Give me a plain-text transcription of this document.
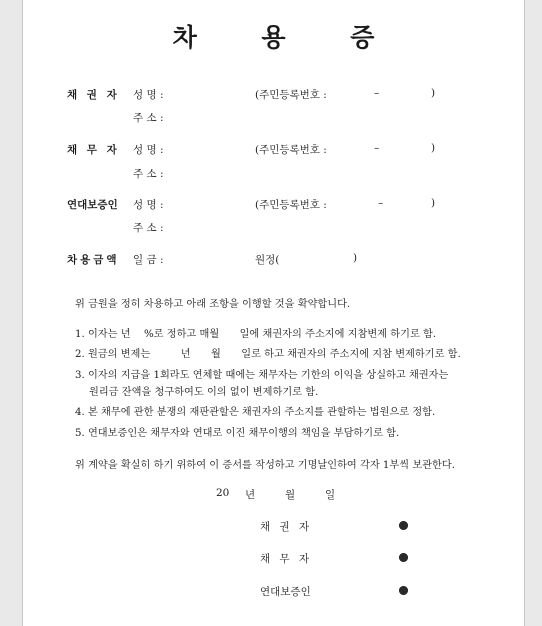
차 용 증
채 권 자 성 명 :	(주민등록번호 :	–	)
주 소 :
채 무 자 성 명 :	(주민등록번호 :	–	)
주 소 :
연대보증인 성 명 :	(주민등록번호 :	–	)
주 소 :
차용금액 일 금 :	원정(	)
위 금원을 정히 차용하고 아래 조항을 이행할 것을 확약합니다.
1. 이자는 년　 %로 정하고 매월　　일에 채권자의 주소지에 지참변제 하기로 함.
2. 원금의 변제는　　　년　　월　　일로 하고 채권자의 주소지에 지참 변제하기로 함.
3. 이자의 지급을 1회라도 연체할 때에는 채무자는 기한의 이익을 상실하고 채권자는
원리금 잔액을 청구하여도 이의 없이 변제하기로 함.
4. 본 채무에 관한 분쟁의 재판관할은 채권자의 주소지를 관할하는 법원으로 정함.
5. 연대보증인은 채무자와 연대로 이진 채무이행의 책임을 부담하기로 함.
위 계약을 확실히 하기 위하여 이 증서를 작성하고 기명날인하여 각자 1부씩 보관한다.
20 년	월	일
채 권 자
채 무 자
연대보증인
